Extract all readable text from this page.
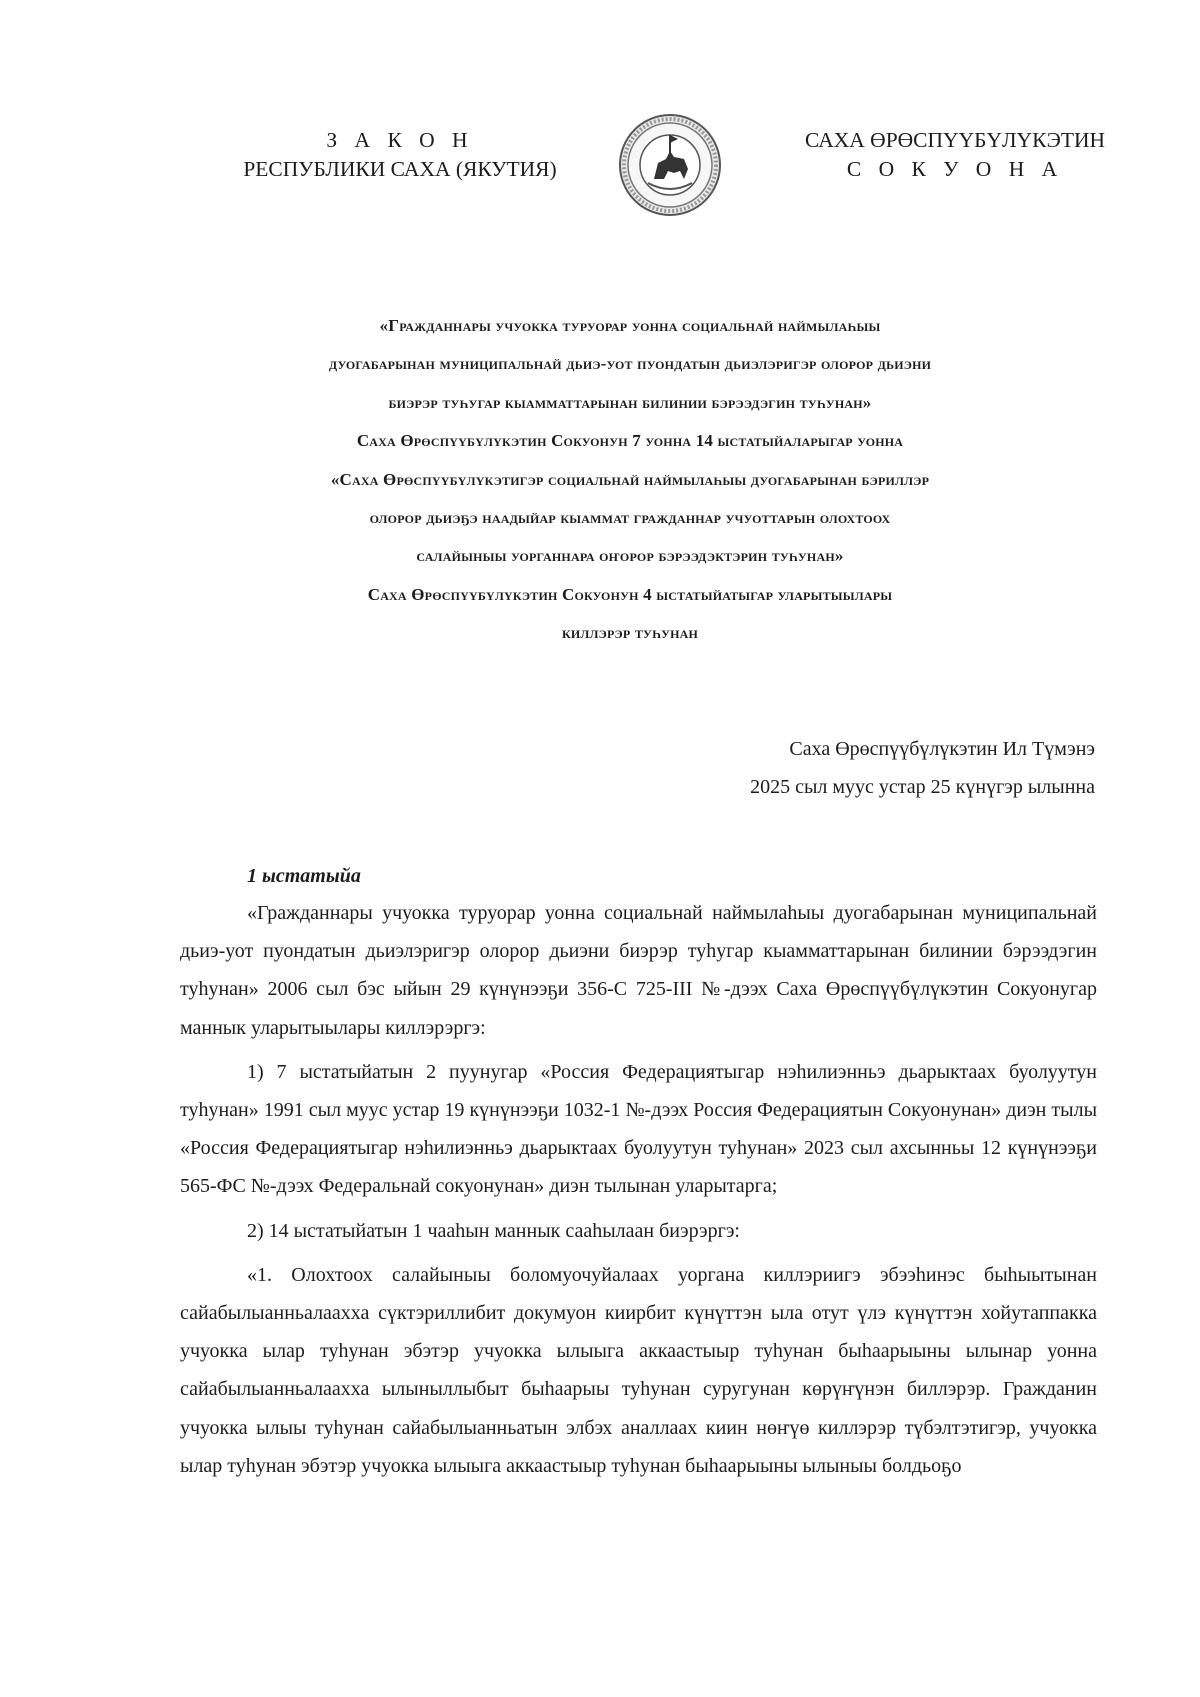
З А К О Н
РЕСПУБЛИКИ САХА (ЯКУТИЯ)
САХА ӨРӨСПҮҮБҮЛҮКЭТИН
С О К У О Н А
«Гражданнары учуокка туруорар уонна социальнай наймылаһыы
дуогабарынан муниципальнай дьиэ-уот пуондатын дьиэлэригэр олорор дьиэни
биэрэр туһугар кыамматтарынан билинии бэрээдэгин туһунан»
Саха Өрөспүүбүлүкэтин Сокуонун 7 уонна 14 ыстатыйаларыгар уонна
«Саха Өрөспүүбүлүкэтигэр социальнай наймылаһыы дуогабарынан бэриллэр
олорор дьиэҕэ наадыйар кыаммат гражданнар учуоттарын олохтоох
салайыныы уорганнара оҥорор бэрээдэктэрин туһунан»
Саха Өрөспүүбүлүкэтин Сокуонун 4 ыстатыйатыгар уларытыылары
киллэрэр туһунан
Саха Өрөспүүбүлүкэтин Ил Түмэнэ
2025 сыл муус устар 25 күнүгэр ылынна
1 ыстатыйа

«Гражданнары учуокка туруорар уонна социальнай наймылаһыы дуогабарынан муниципальнай дьиэ-уот пуондатын дьиэлэригэр олорор дьиэни биэрэр туһугар кыамматтарынан билинии бэрээдэгин туһунан» 2006 сыл бэс ыйын 29 күнүнээҕи 356-С 725-III №-дээх Саха Өрөспүүбүлүкэтин Сокуонугар маннык уларытыылары киллэрэргэ:

1) 7 ыстатыйатын 2 пуунугар «Россия Федерациятыгар нэһилиэнньэ дьарыктаах буолуутун туһунан» 1991 сыл муус устар 19 күнүнээҕи 1032-1 №-дээх Россия Федерациятын Сокуонунан» диэн тылы «Россия Федерациятыгар нэһилиэнньэ дьарыктаах буолуутун туһунан» 2023 сыл ахсынньы 12 күнүнээҕи 565-ФС №-дээх Федеральнай сокуонунан» диэн тылынан уларытарга;

2) 14 ыстатыйатын 1 чааһын маннык сааһылаан биэрэргэ:

«1. Олохтоох салайыныы боломуочуйалаах уоргана киллэриигэ эбээһинэс быһыытынан сайабылыанньалаахха сүктэриллибит докумуон киирбит күнүттэн ыла отут үлэ күнүттэн хойутаппакка учуокка ылар туһунан эбэтэр учуокка ылыыга аккаастыыр туһунан быһаарыыны ылынар уонна сайабылыанньалаахха ылыныллыбыт быһаарыы туһунан суругунан көрүҥүнэн биллэрэр. Гражданин учуокка ылыы туһунан сайабылыанньатын элбэх аналлаах киин нөҥүө киллэрэр түбэлтэтигэр, учуокка ылар туһунан эбэтэр учуокка ылыыга аккаастыыр туһунан быһаарыыны ылыныы болдьоҕо
